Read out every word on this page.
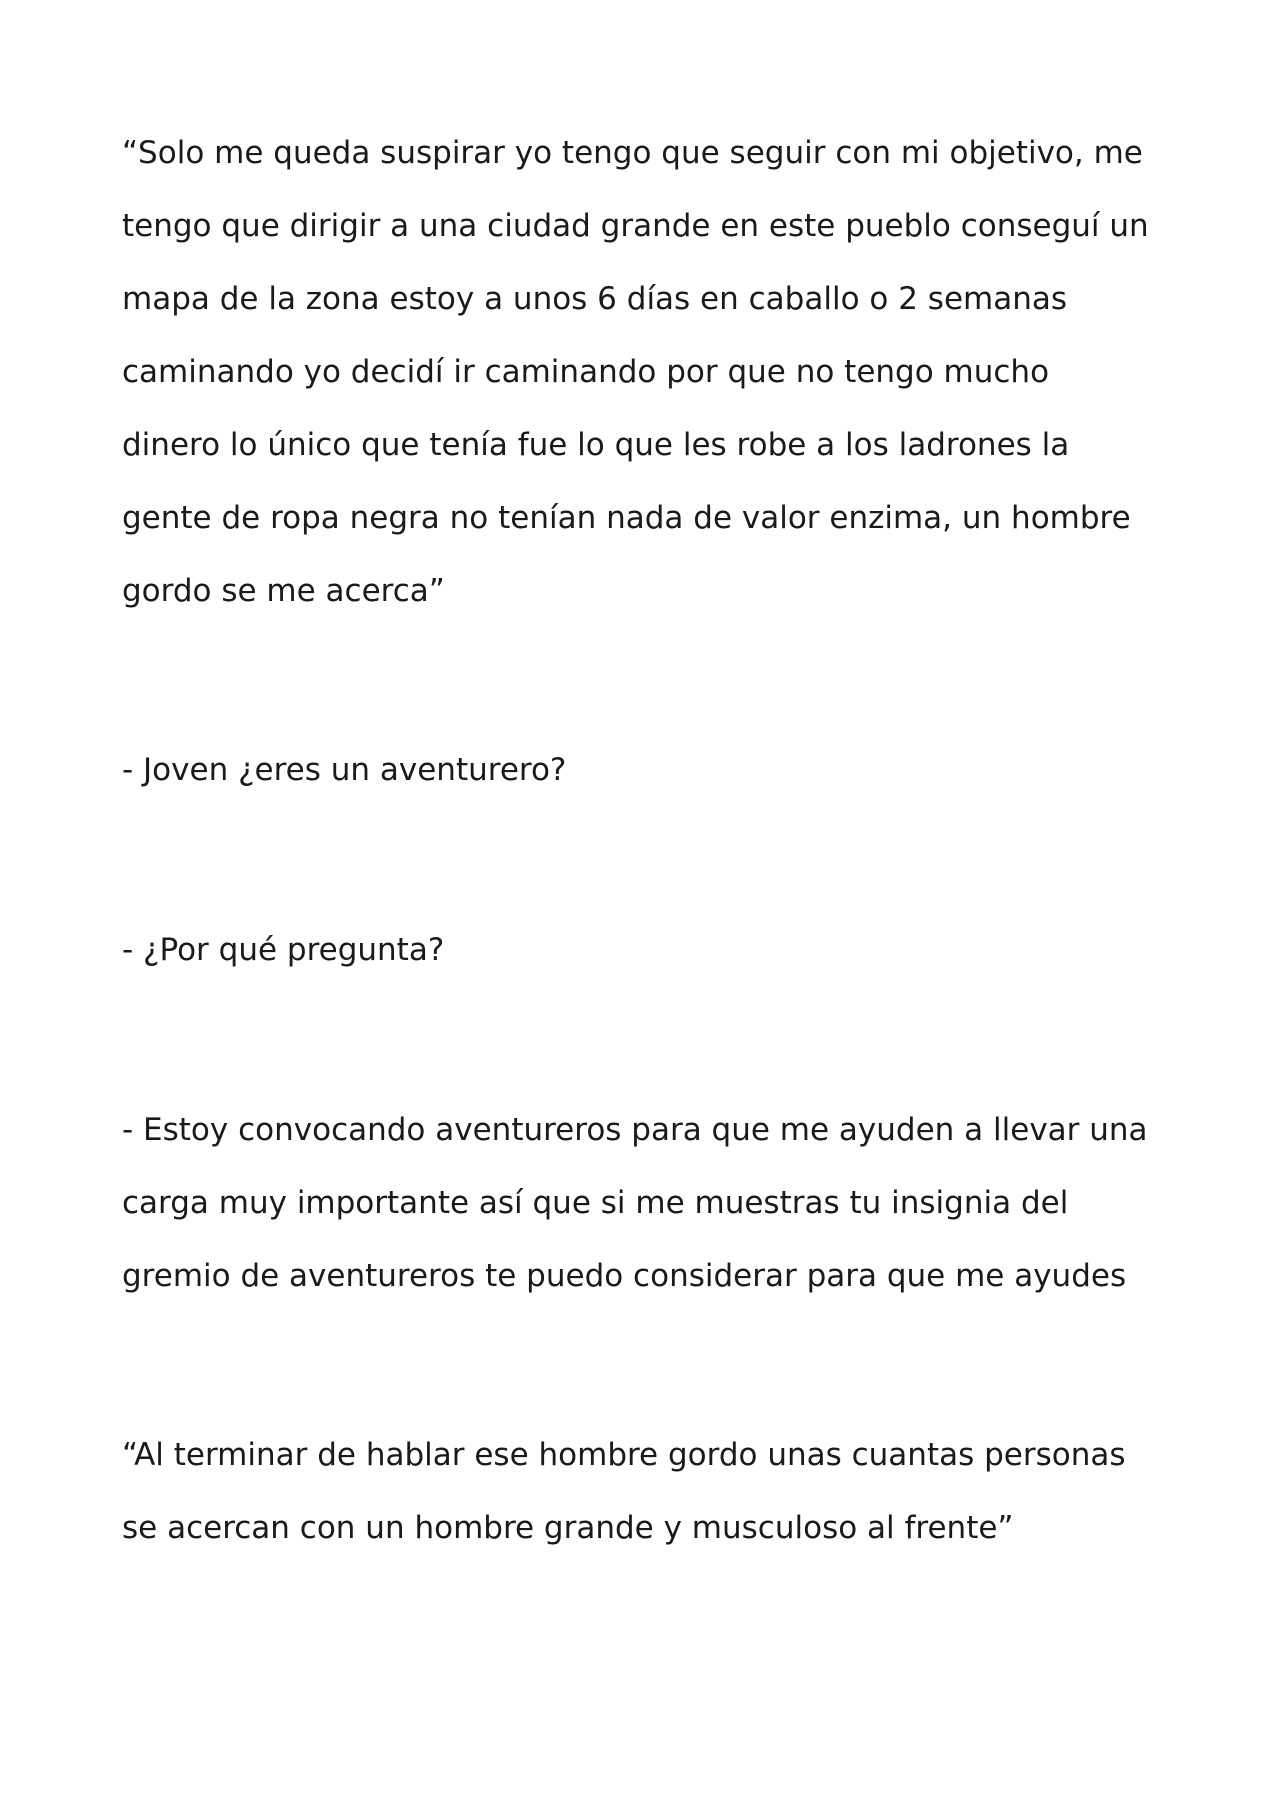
“Solo me queda suspirar yo tengo que seguir con mi objetivo, me
tengo que dirigir a una ciudad grande en este pueblo conseguí un
mapa de la zona estoy a unos 6 días en caballo o 2 semanas
caminando yo decidí ir caminando por que no tengo mucho
dinero lo único que tenía fue lo que les robe a los ladrones la
gente de ropa negra no tenían nada de valor enzima, un hombre
gordo se me acerca”
- Joven ¿eres un aventurero?
- ¿Por qué pregunta?
- Estoy convocando aventureros para que me ayuden a llevar una
carga muy importante así que si me muestras tu insignia del
gremio de aventureros te puedo considerar para que me ayudes
“Al terminar de hablar ese hombre gordo unas cuantas personas
se acercan con un hombre grande y musculoso al frente”
